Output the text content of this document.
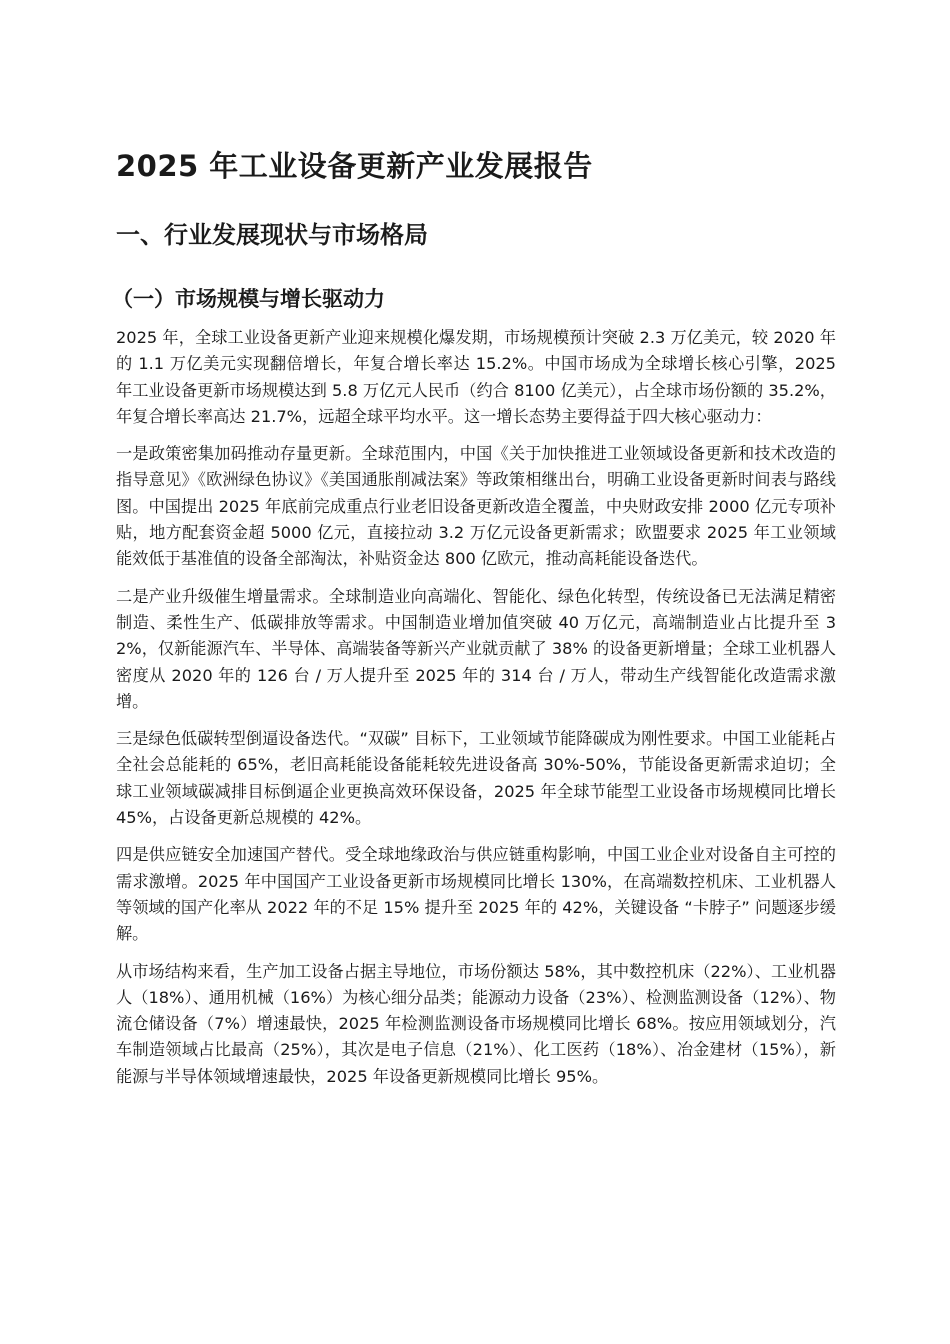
2025 年工业设备更新产业发展报告
一、行业发展现状与市场格局
（一）市场规模与增长驱动力

2025 年，全球工业设备更新产业迎来规模化爆发期，市场规模预计突破 2.3 万亿美元，较 2020 年的 1.1 万亿美元实现翻倍增长，年复合增长率达 15.2%。中国市场成为全球增长核心引擎，2025 年工业设备更新市场规模达到 5.8 万亿元人民币（约合 8100 亿美元），占全球市场份额的 35.2%，年复合增长率高达 21.7%，远超全球平均水平。这一增长态势主要得益于四大核心驱动力：

一是政策密集加码推动存量更新。全球范围内，中国《关于加快推进工业领域设备更新和技术改造的指导意见》《欧洲绿色协议》《美国通胀削减法案》等政策相继出台，明确工业设备更新时间表与路线图。中国提出 2025 年底前完成重点行业老旧设备更新改造全覆盖，中央财政安排 2000 亿元专项补贴，地方配套资金超 5000 亿元，直接拉动 3.2 万亿元设备更新需求；欧盟要求 2025 年工业领域能效低于基准值的设备全部淘汰，补贴资金达 800 亿欧元，推动高耗能设备迭代。

二是产业升级催生增量需求。全球制造业向高端化、智能化、绿色化转型，传统设备已无法满足精密制造、柔性生产、低碳排放等需求。中国制造业增加值突破 40 万亿元，高端制造业占比提升至 32%，仅新能源汽车、半导体、高端装备等新兴产业就贡献了 38% 的设备更新增量；全球工业机器人密度从 2020 年的 126 台 / 万人提升至 2025 年的 314 台 / 万人，带动生产线智能化改造需求激增。

三是绿色低碳转型倒逼设备迭代。“双碳” 目标下，工业领域节能降碳成为刚性要求。中国工业能耗占全社会总能耗的 65%，老旧高耗能设备能耗较先进设备高 30%-50%，节能设备更新需求迫切；全球工业领域碳减排目标倒逼企业更换高效环保设备，2025 年全球节能型工业设备市场规模同比增长 45%，占设备更新总规模的 42%。

四是供应链安全加速国产替代。受全球地缘政治与供应链重构影响，中国工业企业对设备自主可控的需求激增。2025 年中国国产工业设备更新市场规模同比增长 130%，在高端数控机床、工业机器人等领域的国产化率从 2022 年的不足 15% 提升至 2025 年的 42%，关键设备 “卡脖子” 问题逐步缓解。

从市场结构来看，生产加工设备占据主导地位，市场份额达 58%，其中数控机床（22%）、工业机器人（18%）、通用机械（16%）为核心细分品类；能源动力设备（23%）、检测监测设备（12%）、物流仓储设备（7%）增速最快，2025 年检测监测设备市场规模同比增长 68%。按应用领域划分，汽车制造领域占比最高（25%），其次是电子信息（21%）、化工医药（18%）、冶金建材（15%），新能源与半导体领域增速最快，2025 年设备更新规模同比增长 95%。
